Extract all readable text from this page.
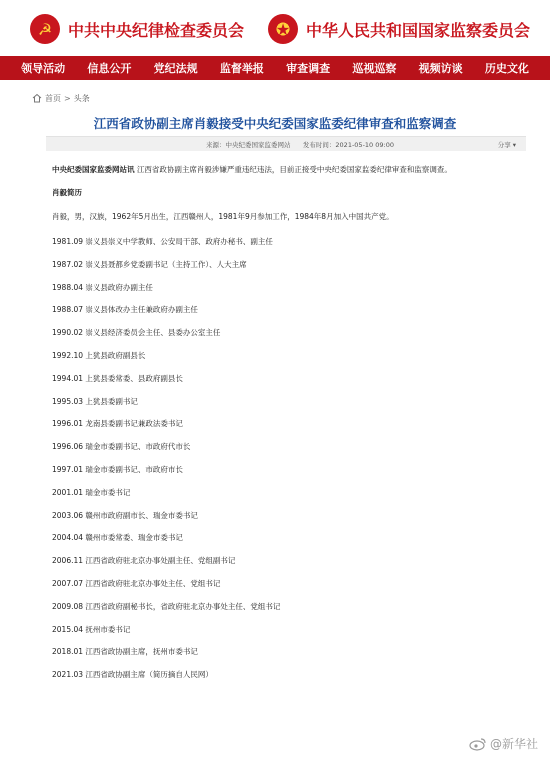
☭ 中共中央纪律检查委员会	★ 中华人民共和国国家监察委员会
领导活动 信息公开 党纪法规 监督举报 审查调查 巡视巡察 视频访谈 历史文化
首页 > 头条
江西省政协副主席肖毅接受中央纪委国家监委纪律审查和监察调查
来源：中央纪委国家监委网站 发布时间：2021-05-10 09:00	分享 ▾
中央纪委国家监委网站讯 江西省政协副主席肖毅涉嫌严重违纪违法，目前正接受中央纪委国家监委纪律审查和监察调查。
肖毅简历
肖毅，男，汉族，1962年5月出生，江西赣州人，1981年9月参加工作，1984年8月加入中国共产党。
1981.09 崇义县崇义中学教师、公安局干部、政府办秘书、副主任
1987.02 崇义县聂都乡党委副书记（主持工作）、人大主席
1988.04 崇义县政府办副主任
1988.07 崇义县体改办主任兼政府办副主任
1990.02 崇义县经济委员会主任、县委办公室主任
1992.10 上犹县政府副县长
1994.01 上犹县委常委、县政府副县长
1995.03 上犹县委副书记
1996.01 龙南县委副书记兼政法委书记
1996.06 瑞金市委副书记、市政府代市长
1997.01 瑞金市委副书记、市政府市长
2001.01 瑞金市委书记
2003.06 赣州市政府副市长、瑞金市委书记
2004.04 赣州市委常委、瑞金市委书记
2006.11 江西省政府驻北京办事处副主任、党组副书记
2007.07 江西省政府驻北京办事处主任、党组书记
2009.08 江西省政府副秘书长，省政府驻北京办事处主任、党组书记
2015.04 抚州市委书记
2018.01 江西省政协副主席，抚州市委书记
2021.03 江西省政协副主席（简历摘自人民网）
@新华社
